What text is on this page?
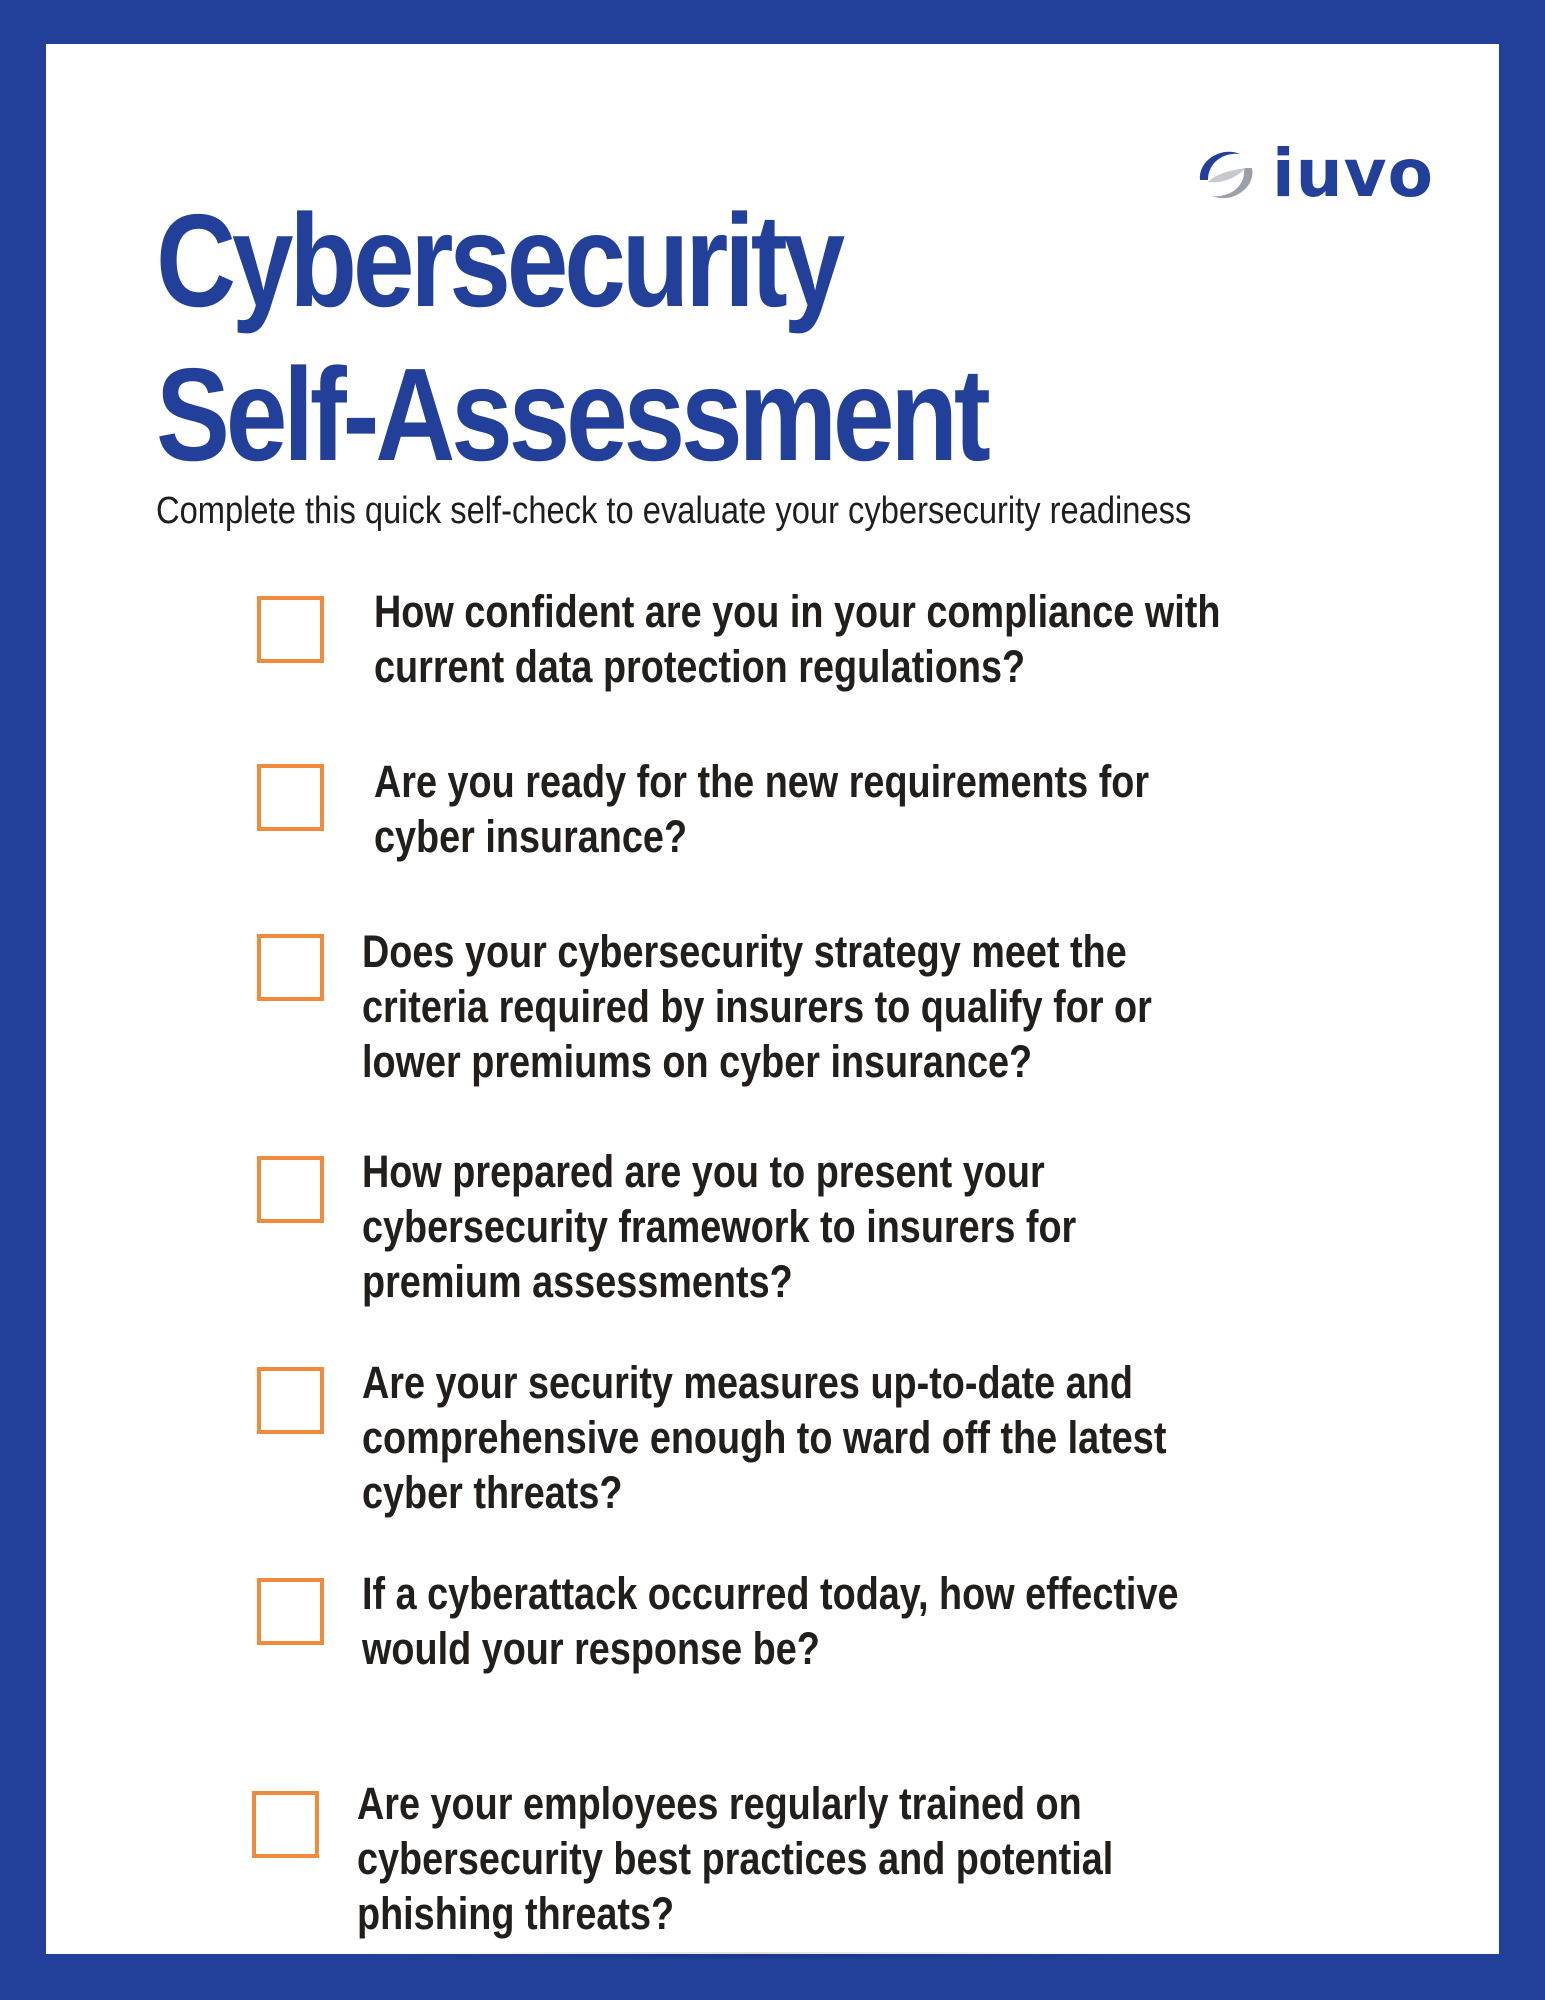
iuvo
Cybersecurity
Self-Assessment

Complete this quick self-check to evaluate your cybersecurity readiness

How confident are you in your compliance with
current data protection regulations?

Are you ready for the new requirements for
cyber insurance?

Does your cybersecurity strategy meet the
criteria required by insurers to qualify for or
lower premiums on cyber insurance?

How prepared are you to present your
cybersecurity framework to insurers for
premium assessments?

Are your security measures up-to-date and
comprehensive enough to ward off the latest
cyber threats?

If a cyberattack occurred today, how effective
would your response be?

Are your employees regularly trained on
cybersecurity best practices and potential
phishing threats?
